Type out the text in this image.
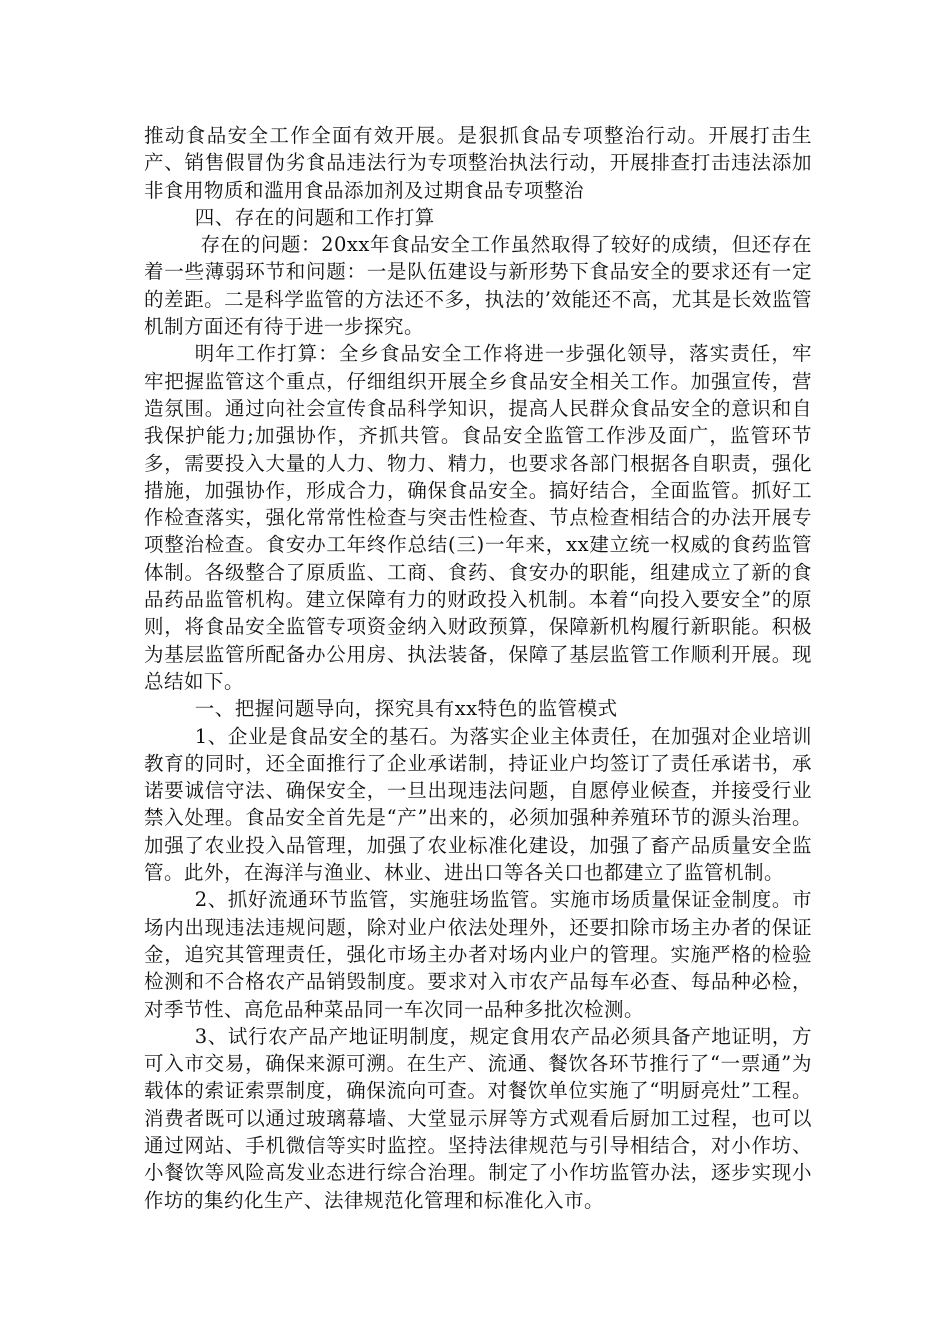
推动食品安全工作全面有效开展。是狠抓食品专项整治行动。开展打击生产、销售假冒伪劣食品违法行为专项整治执法行动，开展排查打击违法添加非食用物质和滥用食品添加剂及过期食品专项整治

四、存在的问题和工作打算

存在的问题：20xx年食品安全工作虽然取得了较好的成绩，但还存在着一些薄弱环节和问题：一是队伍建设与新形势下食品安全的要求还有一定的差距。二是科学监管的方法还不多，执法的’效能还不高，尤其是长效监管机制方面还有待于进一步探究。

明年工作打算：全乡食品安全工作将进一步强化领导，落实责任，牢牢把握监管这个重点，仔细组织开展全乡食品安全相关工作。加强宣传，营造氛围。通过向社会宣传食品科学知识，提高人民群众食品安全的意识和自我保护能力;加强协作，齐抓共管。食品安全监管工作涉及面广，监管环节多，需要投入大量的人力、物力、精力，也要求各部门根据各自职责，强化措施，加强协作，形成合力，确保食品安全。搞好结合，全面监管。抓好工作检查落实，强化常常性检查与突击性检查、节点检查相结合的办法开展专项整治检查。食安办工年终作总结(三)一年来，xx建立统一权威的食药监管体制。各级整合了原质监、工商、食药、食安办的职能，组建成立了新的食品药品监管机构。建立保障有力的财政投入机制。本着“向投入要安全”的原则，将食品安全监管专项资金纳入财政预算，保障新机构履行新职能。积极为基层监管所配备办公用房、执法装备，保障了基层监管工作顺利开展。现总结如下。

一、把握问题导向，探究具有xx特色的监管模式

1、企业是食品安全的基石。为落实企业主体责任，在加强对企业培训教育的同时，还全面推行了企业承诺制，持证业户均签订了责任承诺书，承诺要诚信守法、确保安全，一旦出现违法问题，自愿停业候查，并接受行业禁入处理。食品安全首先是“产”出来的，必须加强种养殖环节的源头治理。加强了农业投入品管理，加强了农业标准化建设，加强了畜产品质量安全监管。此外，在海洋与渔业、林业、进出口等各关口也都建立了监管机制。

2、抓好流通环节监管，实施驻场监管。实施市场质量保证金制度。市场内出现违法违规问题，除对业户依法处理外，还要扣除市场主办者的保证金，追究其管理责任，强化市场主办者对场内业户的管理。实施严格的检验检测和不合格农产品销毁制度。要求对入市农产品每车必查、每品种必检，对季节性、高危品种菜品同一车次同一品种多批次检测。

3、试行农产品产地证明制度，规定食用农产品必须具备产地证明，方可入市交易，确保来源可溯。在生产、流通、餐饮各环节推行了“一票通”为载体的索证索票制度，确保流向可查。对餐饮单位实施了“明厨亮灶”工程。消费者既可以通过玻璃幕墙、大堂显示屏等方式观看后厨加工过程，也可以通过网站、手机微信等实时监控。坚持法律规范与引导相结合，对小作坊、小餐饮等风险高发业态进行综合治理。制定了小作坊监管办法，逐步实现小作坊的集约化生产、法律规范化管理和标准化入市。
